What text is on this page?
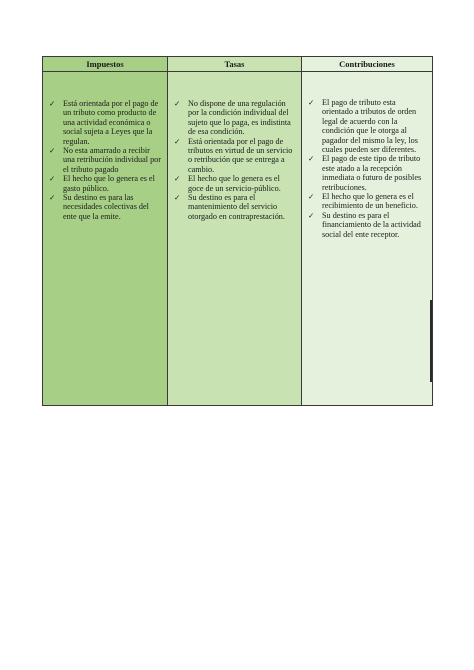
Impuestos	Tasas	Contribuciones
✓ Está orientada por el pago de un tributo como producto de una actividad económica o social sujeta a Leyes que la regulan.
✓ No esta amarrado a recibir una retribución individual por el tributo pagado
✓ El hecho que lo genera es el gasto público.
✓ Su destino es para las necesidades colectivas del ente que la emite.
✓ No dispone de una regulación por la condición individual del sujeto que lo paga, es indistinta de esa condición.
✓ Está orientada por el pago de tributos en virtud de un servicio o retribución que se entrega a cambio.
✓ El hecho que lo genera es el goce de un servicio-público.
✓ Su destino es para el mantenimiento del servicio otorgado en contraprestación.
✓ El pago de tributo esta orientado a tributos de orden legal de acuerdo con la condición que le otorga al pagador del mismo la ley, los cuales pueden ser diferentes.
✓ El pago de este tipo de tributo este atado a la recepción inmediata o futuro de posibles retribuciones.
✓ El hecho que lo genera es el recibimiento de un beneficio.
✓ Su destino es para el financiamiento de la actividad social del ente receptor.
